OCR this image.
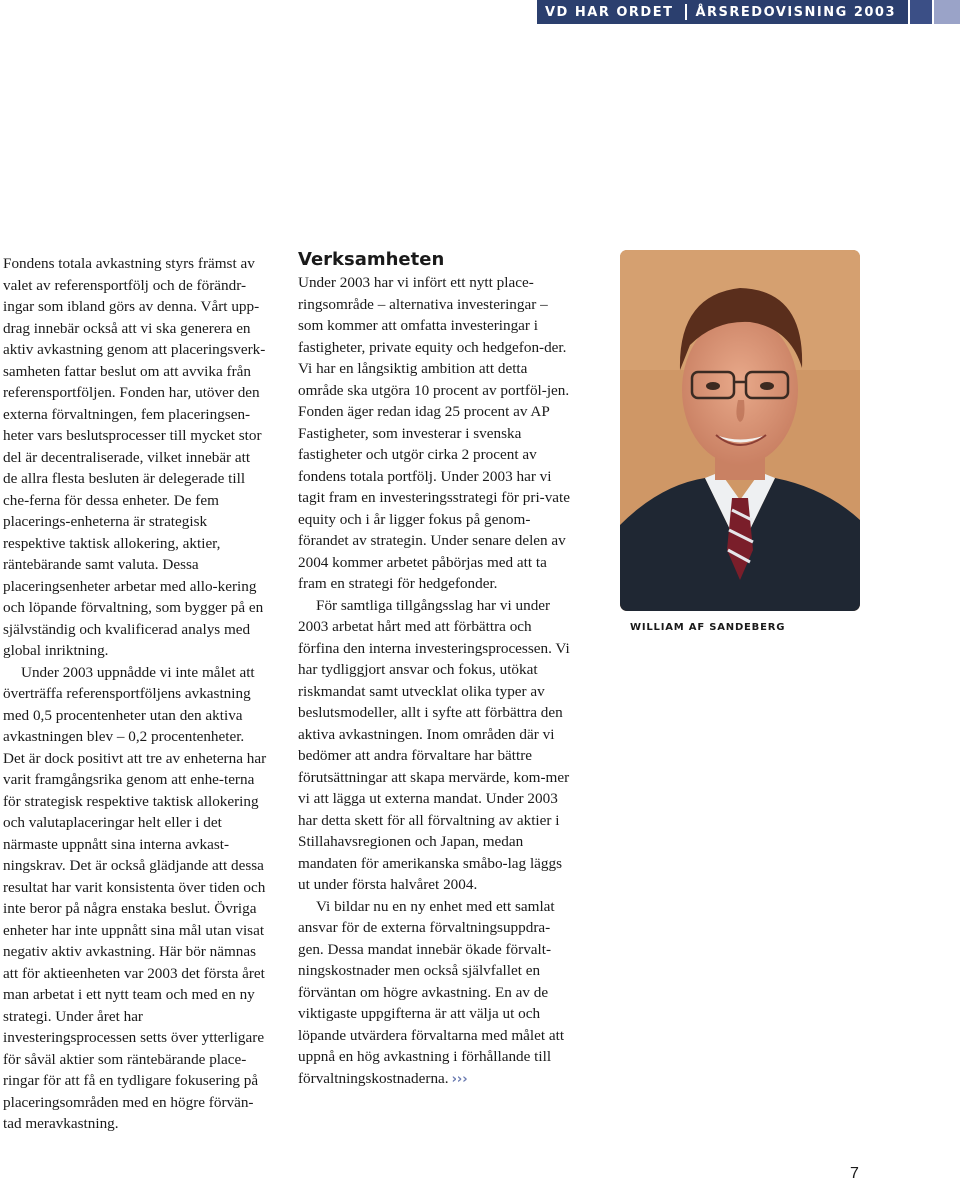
VD HAR ORDET ÅRSREDOVISNING 2003

Fondens totala avkastning styrs främst av valet av referensportfölj och de förändr-ingar som ibland görs av denna. Vårt upp-drag innebär också att vi ska generera en aktiv avkastning genom att placeringsverk-samheten fattar beslut om att avvika från referensportföljen. Fonden har, utöver den externa förvaltningen, fem placeringsen-heter vars beslutsprocesser till mycket stor del är decentraliserade, vilket innebär att de allra flesta besluten är delegerade till che-ferna för dessa enheter. De fem placerings-enheterna är strategisk respektive taktisk allokering, aktier, räntebärande samt valuta. Dessa placeringsenheter arbetar med allo-kering och löpande förvaltning, som bygger på en självständig och kvalificerad analys med global inriktning.

Under 2003 uppnådde vi inte målet att överträffa referensportföljens avkastning med 0,5 procentenheter utan den aktiva avkastningen blev – 0,2 procentenheter. Det är dock positivt att tre av enheterna har varit framgångsrika genom att enhe-terna för strategisk respektive taktisk allokering och valutaplaceringar helt eller i det närmaste uppnått sina interna avkast-ningskrav. Det är också glädjande att dessa resultat har varit konsistenta över tiden och inte beror på några enstaka beslut. Övriga enheter har inte uppnått sina mål utan visat negativ aktiv avkastning. Här bör nämnas att för aktieenheten var 2003 det första året man arbetat i ett nytt team och med en ny strategi. Under året har investeringsprocessen setts över ytterligare för såväl aktier som räntebärande place-ringar för att få en tydligare fokusering på placeringsområden med en högre förvän-tad meravkastning.

Verksamheten

Under 2003 har vi infört ett nytt place-ringsområde – alternativa investeringar – som kommer att omfatta investeringar i fastigheter, private equity och hedgefon-der. Vi har en långsiktig ambition att detta område ska utgöra 10 procent av portföl-jen. Fonden äger redan idag 25 procent av AP Fastigheter, som investerar i svenska fastigheter och utgör cirka 2 procent av fondens totala portfölj. Under 2003 har vi tagit fram en investeringsstrategi för pri-vate equity och i år ligger fokus på genom-förandet av strategin. Under senare delen av 2004 kommer arbetet påbörjas med att ta fram en strategi för hedgefonder.

För samtliga tillgångsslag har vi under 2003 arbetat hårt med att förbättra och förfina den interna investeringsprocessen. Vi har tydliggjort ansvar och fokus, utökat riskmandat samt utvecklat olika typer av beslutsmodeller, allt i syfte att förbättra den aktiva avkastningen. Inom områden där vi bedömer att andra förvaltare har bättre förutsättningar att skapa mervärde, kom-mer vi att lägga ut externa mandat. Under 2003 har detta skett för all förvaltning av aktier i Stillahavsregionen och Japan, medan mandaten för amerikanska småbo-lag läggs ut under första halvåret 2004.

Vi bildar nu en ny enhet med ett samlat ansvar för de externa förvaltningsuppdra-gen. Dessa mandat innebär ökade förvalt-ningskostnader men också självfallet en förväntan om högre avkastning. En av de viktigaste uppgifterna är att välja ut och löpande utvärdera förvaltarna med målet att uppnå en hög avkastning i förhållande till förvaltningskostnaderna. ›››

WILLIAM AF SANDEBERG
7
